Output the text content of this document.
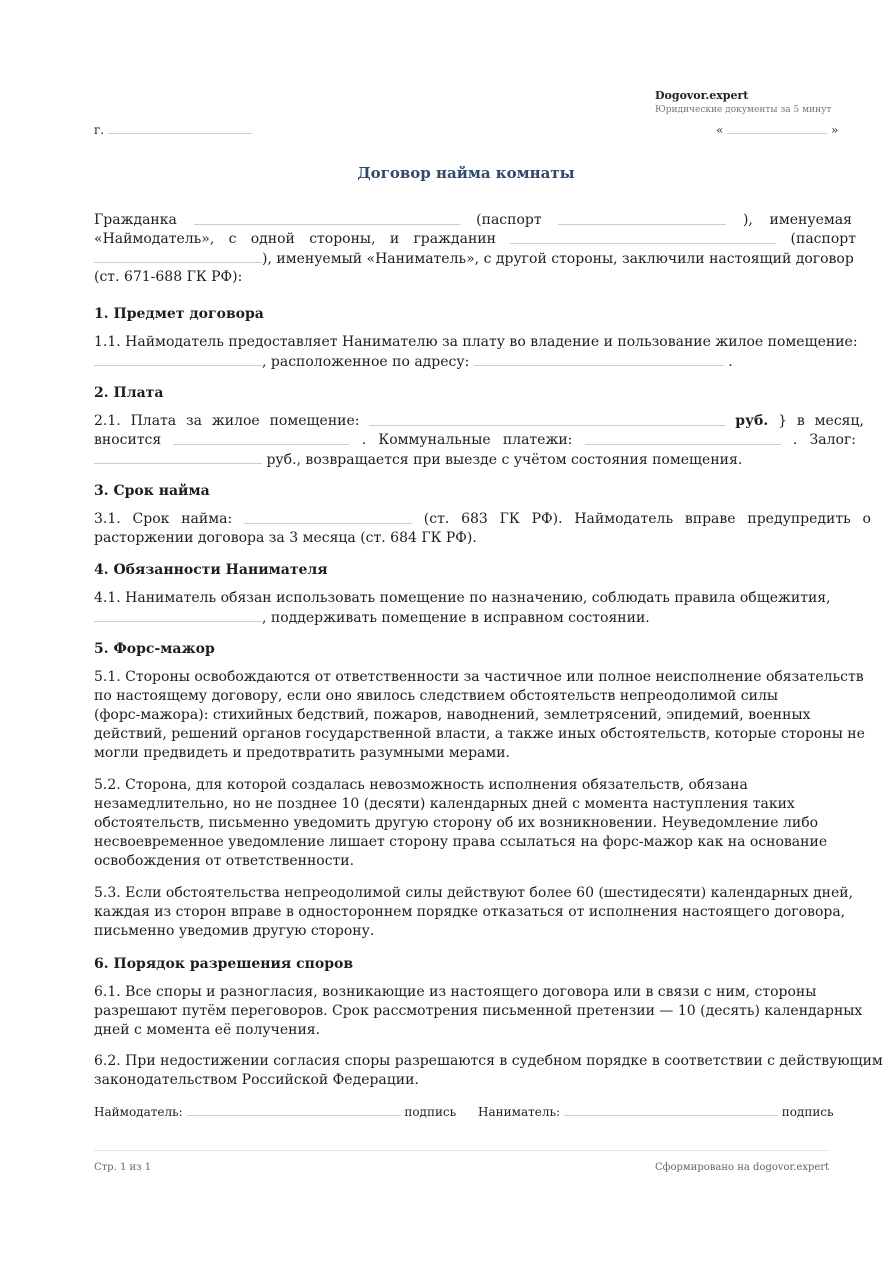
Dogovor.expert
Юридические документы за 5 минут
г.	«	»
Договор найма комнаты
Гражданка	(паспорт	), именуемая
«Наймодатель», с одной стороны, и гражданин	(паспорт
), именуемый «Наниматель», с другой стороны, заключили настоящий договор
(ст. 671-688 ГК РФ):
1. Предмет договора
1.1. Наймодатель предоставляет Нанимателю за плату во владение и пользование жилое помещение:
, расположенное по адресу:	.
2. Плата
2.1. Плата за жилое помещение:	руб. } в месяц,
вносится	. Коммунальные платежи:	. Залог:
руб., возвращается при выезде с учётом состояния помещения.
3. Срок найма
3.1. Срок найма:	(ст. 683 ГК РФ). Наймодатель вправе предупредить о
расторжении договора за 3 месяца (ст. 684 ГК РФ).
4. Обязанности Нанимателя
4.1. Наниматель обязан использовать помещение по назначению, соблюдать правила общежития,
, поддерживать помещение в исправном состоянии.
5. Форс-мажор
5.1. Стороны освобождаются от ответственности за частичное или полное неисполнение обязательств
по настоящему договору, если оно явилось следствием обстоятельств непреодолимой силы
(форс-мажора): стихийных бедствий, пожаров, наводнений, землетрясений, эпидемий, военных
действий, решений органов государственной власти, а также иных обстоятельств, которые стороны не
могли предвидеть и предотвратить разумными мерами.
5.2. Сторона, для которой создалась невозможность исполнения обязательств, обязана
незамедлительно, но не позднее 10 (десяти) календарных дней с момента наступления таких
обстоятельств, письменно уведомить другую сторону об их возникновении. Неуведомление либо
несвоевременное уведомление лишает сторону права ссылаться на форс-мажор как на основание
освобождения от ответственности.
5.3. Если обстоятельства непреодолимой силы действуют более 60 (шестидесяти) календарных дней,
каждая из сторон вправе в одностороннем порядке отказаться от исполнения настоящего договора,
письменно уведомив другую сторону.
6. Порядок разрешения споров
6.1. Все споры и разногласия, возникающие из настоящего договора или в связи с ним, стороны
разрешают путём переговоров. Срок рассмотрения письменной претензии — 10 (десять) календарных
дней с момента её получения.
6.2. При недостижении согласия споры разрешаются в судебном порядке в соответствии с действующим
законодательством Российской Федерации.
Наймодатель:	подпись Наниматель:	подпись
Стр. 1 из 1	Сформировано на dogovor.expert
